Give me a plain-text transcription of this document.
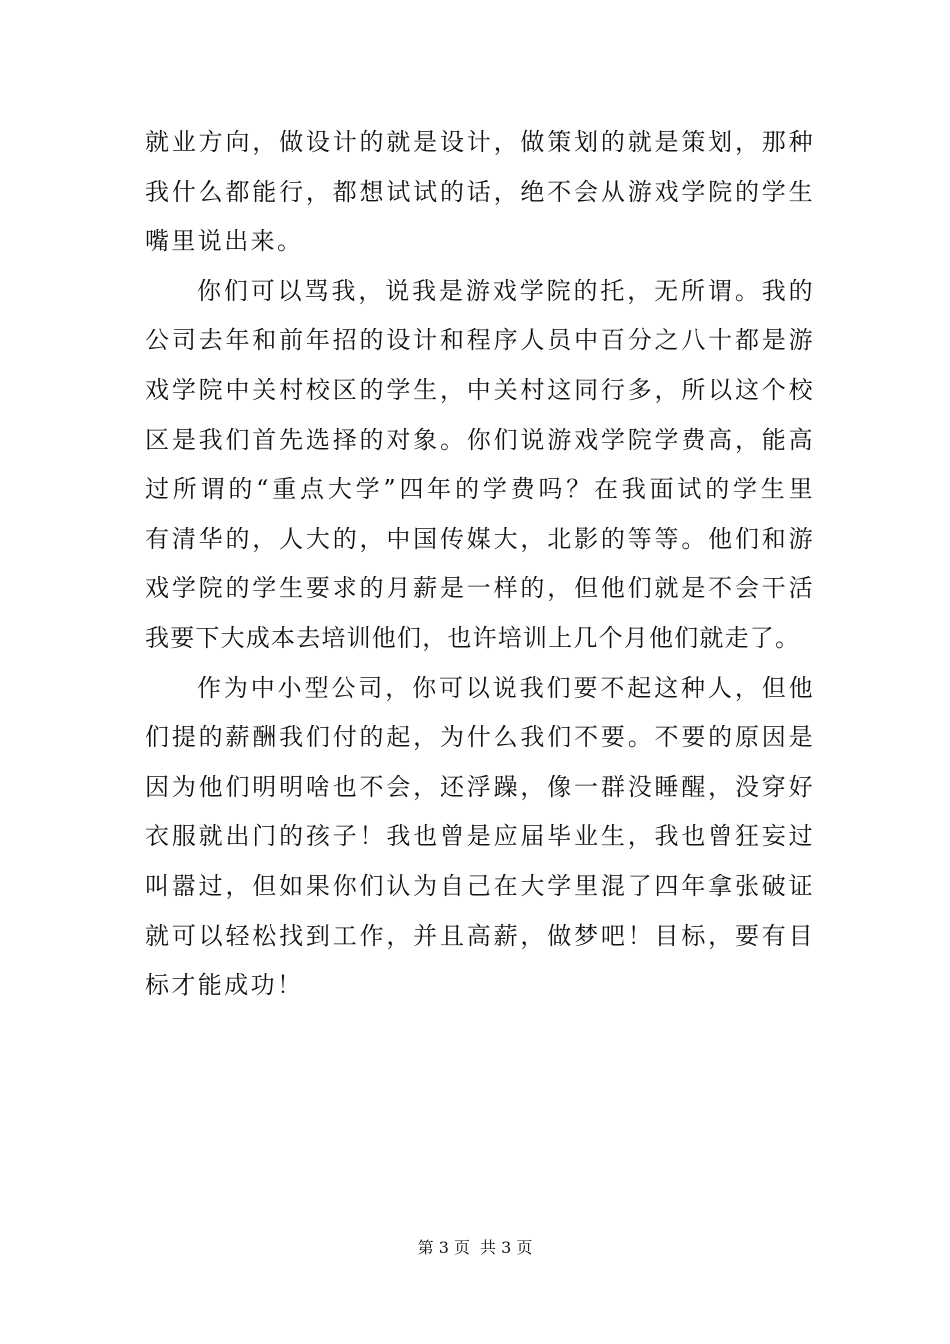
就业方向，做设计的就是设计，做策划的就是策划，那种
我什么都能行，都想试试的话，绝不会从游戏学院的学生
嘴里说出来。
你们可以骂我，说我是游戏学院的托，无所谓。我的
公司去年和前年招的设计和程序人员中百分之八十都是游
戏学院中关村校区的学生，中关村这同行多，所以这个校
区是我们首先选择的对象。你们说游戏学院学费高，能高
过所谓的“重点大学”四年的学费吗？在我面试的学生里
有清华的，人大的，中国传媒大，北影的等等。他们和游
戏学院的学生要求的月薪是一样的，但他们就是不会干活
我要下大成本去培训他们，也许培训上几个月他们就走了。
作为中小型公司，你可以说我们要不起这种人，但他
们提的薪酬我们付的起，为什么我们不要。不要的原因是
因为他们明明啥也不会，还浮躁，像一群没睡醒，没穿好
衣服就出门的孩子！我也曾是应届毕业生，我也曾狂妄过
叫嚣过，但如果你们认为自己在大学里混了四年拿张破证
就可以轻松找到工作，并且高薪，做梦吧！目标，要有目
标才能成功！
第 3 页 共 3 页
